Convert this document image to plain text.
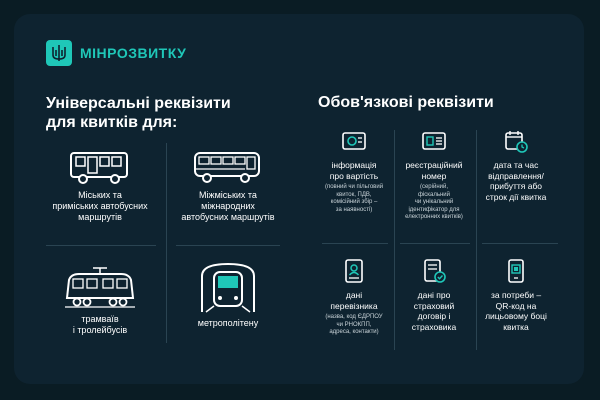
МІНРОЗВИТКУ
Універсальні реквізити
для квитків для:
Обов'язкові реквізити
Міських та
приміських автобусних
маршрутів
Міжміських та
міжнародних
автобусних маршрутів
трамваїв
і тролейбусів
метрополітену
інформація
про вартість
(повний чи пільговий
квиток, ПДВ,
комісійний збір –
за наявності)
реєстраційний
номер
(серійний,
фіскальний
чи унікальний
ідентифікатор для
електронних квитків)
дата та час
відправлення/
прибуття або
строк дії квитка
дані
перевізника
(назва, код ЄДРПОУ
чи РНОКПП,
адреса, контакти)
дані про
страховий
договір і
страховика
за потреби –
QR-код на
лицьовому боці
квитка
